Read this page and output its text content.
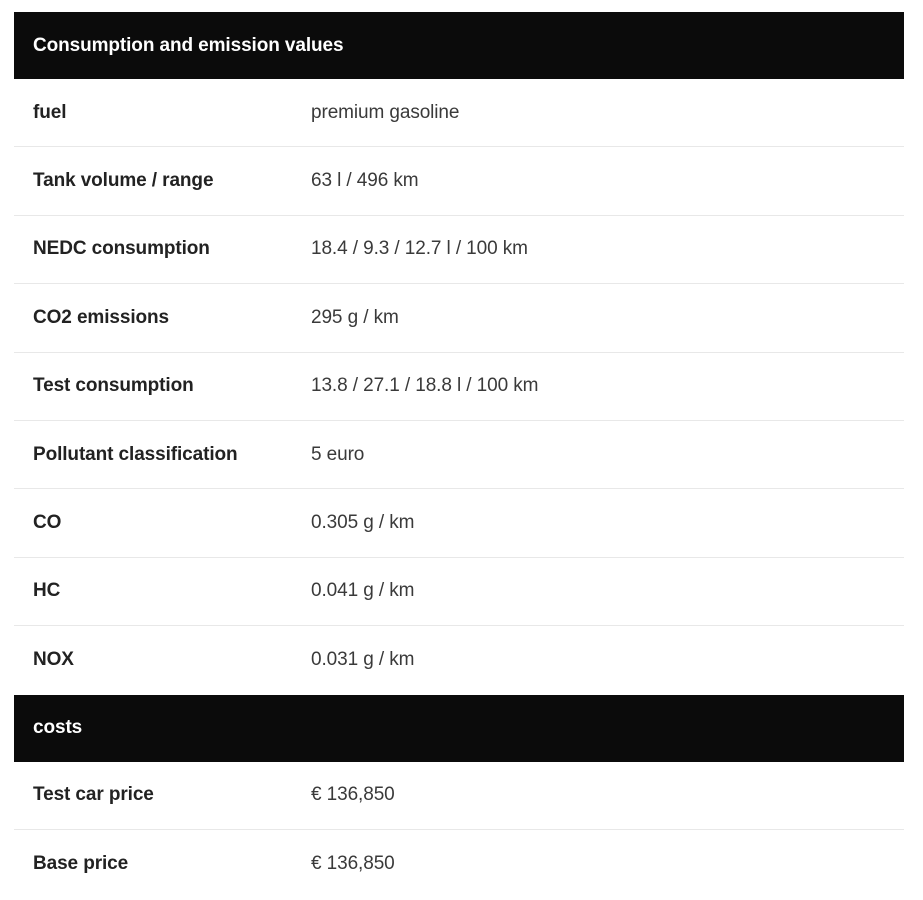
Consumption and emission values
fuel	premium gasoline
Tank volume / range	63 l / 496 km
NEDC consumption	18.4 / 9.3 / 12.7 l / 100 km
CO2 emissions	295 g / km
Test consumption	13.8 / 27.1 / 18.8 l / 100 km
Pollutant classification	5 euro
CO	0.305 g / km
HC	0.041 g / km
NOX	0.031 g / km
costs
Test car price	€ 136,850
Base price	€ 136,850
